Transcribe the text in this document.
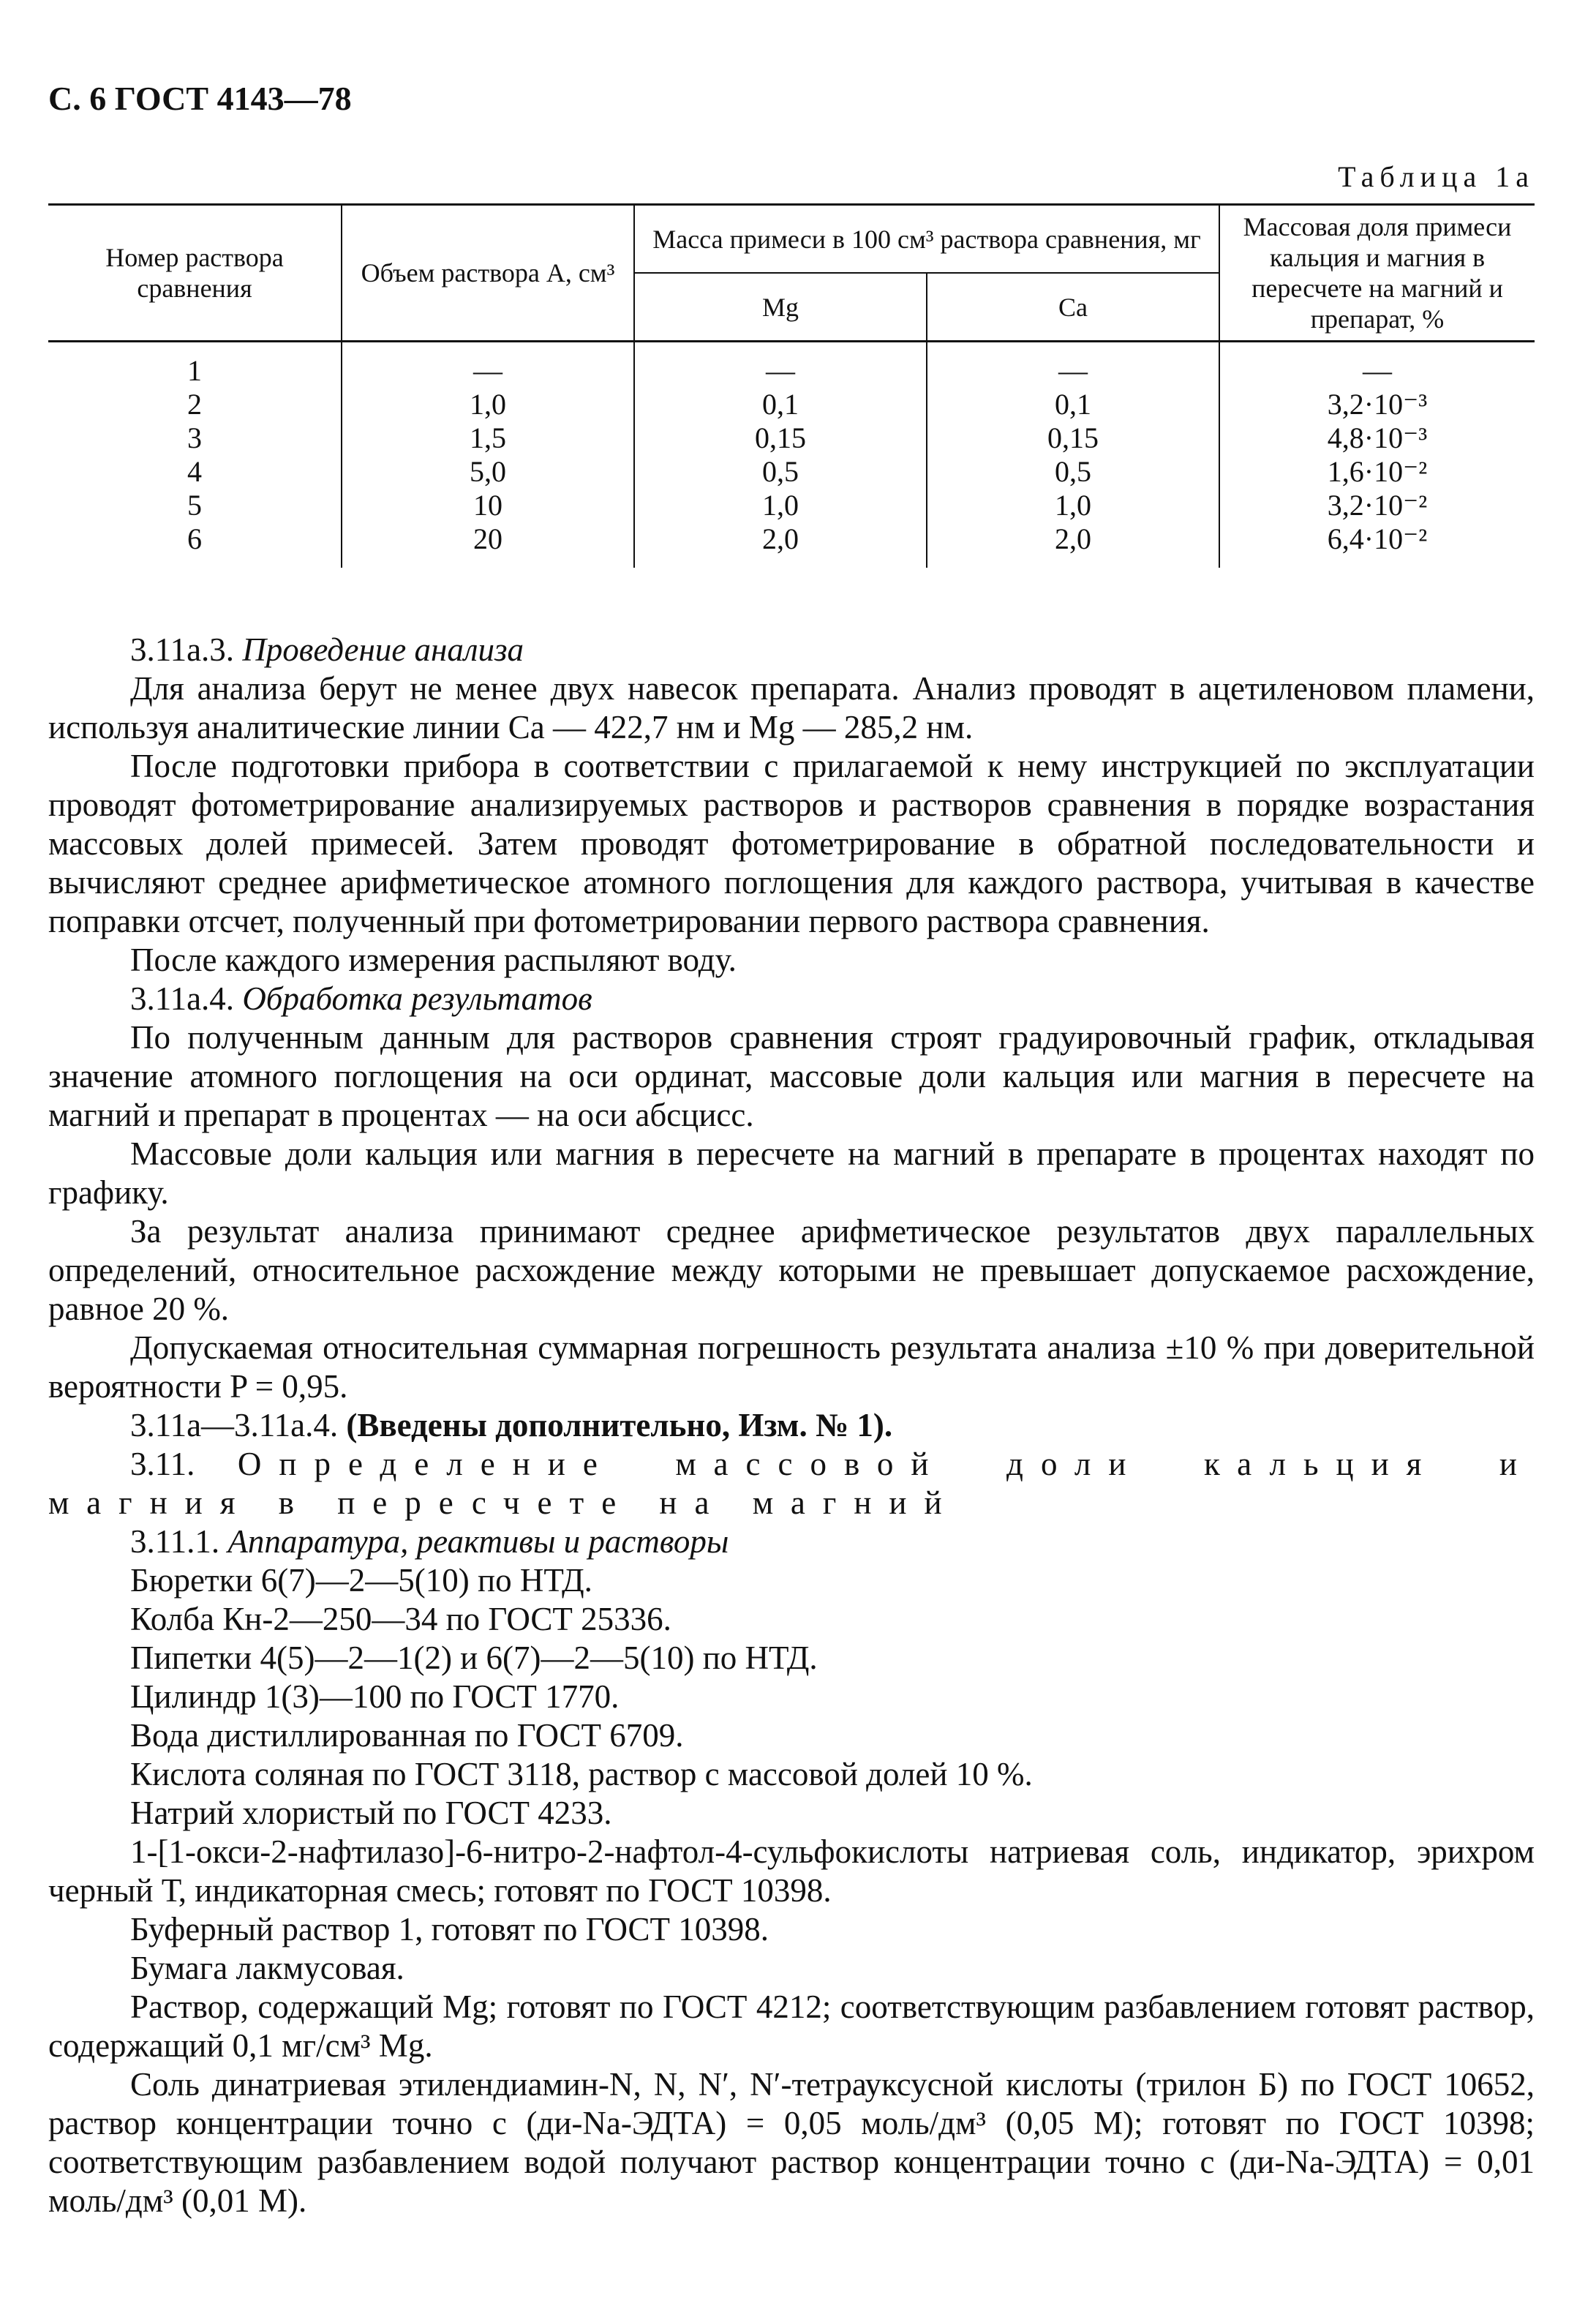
С. 6 ГОСТ 4143—78
Таблица 1а
Номер раствора сравнения	Объем раствора А, см³	Масса примеси в 100 см³ раствора сравнения, мг		Массовая доля примеси кальция и магния в пересчете на магний и препарат, %
		Mg	Ca	
1	—	—	—	—
2	1,0	0,1	0,1	3,2·10⁻³
3	1,5	0,15	0,15	4,8·10⁻³
4	5,0	0,5	0,5	1,6·10⁻²
5	10	1,0	1,0	3,2·10⁻²
6	20	2,0	2,0	6,4·10⁻²

3.11а.3. Проведение анализа

Для анализа берут не менее двух навесок препарата. Анализ проводят в ацетиленовом пламени, используя аналитические линии Ca — 422,7 нм и Mg — 285,2 нм.

После подготовки прибора в соответствии с прилагаемой к нему инструкцией по эксплуатации проводят фотометрирование анализируемых растворов и растворов сравнения в порядке возрастания массовых долей примесей. Затем проводят фотометрирование в обратной последовательности и вычисляют среднее арифметическое атомного поглощения для каждого раствора, учитывая в качестве поправки отсчет, полученный при фотометрировании первого раствора сравнения.

После каждого измерения распыляют воду.

3.11а.4. Обработка результатов

По полученным данным для растворов сравнения строят градуировочный график, откладывая значение атомного поглощения на оси ординат, массовые доли кальция или магния в пересчете на магний и препарат в процентах — на оси абсцисс.

Массовые доли кальция или магния в пересчете на магний в препарате в процентах находят по графику.

За результат анализа принимают среднее арифметическое результатов двух параллельных определений, относительное расхождение между которыми не превышает допускаемое расхождение, равное 20 %.

Допускаемая относительная суммарная погрешность результата анализа ±10 % при доверительной вероятности P = 0,95.

3.11а—3.11а.4. (Введены дополнительно, Изм. № 1).

3.11. Определение массовой доли кальция и магния в пересчете на магний

3.11.1. Аппаратура, реактивы и растворы

Бюретки 6(7)—2—5(10) по НТД.

Колба Кн-2—250—34 по ГОСТ 25336.

Пипетки 4(5)—2—1(2) и 6(7)—2—5(10) по НТД.

Цилиндр 1(3)—100 по ГОСТ 1770.

Вода дистиллированная по ГОСТ 6709.

Кислота соляная по ГОСТ 3118, раствор с массовой долей 10 %.

Натрий хлористый по ГОСТ 4233.

1-[1-окси-2-нафтилазо]-6-нитро-2-нафтол-4-сульфокислоты натриевая соль, индикатор, эрихром черный Т, индикаторная смесь; готовят по ГОСТ 10398.

Буферный раствор 1, готовят по ГОСТ 10398.

Бумага лакмусовая.

Раствор, содержащий Mg; готовят по ГОСТ 4212; соответствующим разбавлением готовят раствор, содержащий 0,1 мг/см³ Mg.

Соль динатриевая этилендиамин-N, N, N′, N′-тетрауксусной кислоты (трилон Б) по ГОСТ 10652, раствор концентрации точно c (ди-Na-ЭДТА) = 0,05 моль/дм³ (0,05 М); готовят по ГОСТ 10398; соответствующим разбавлением водой получают раствор концентрации точно c (ди-Na-ЭДТА) = 0,01 моль/дм³ (0,01 М).
